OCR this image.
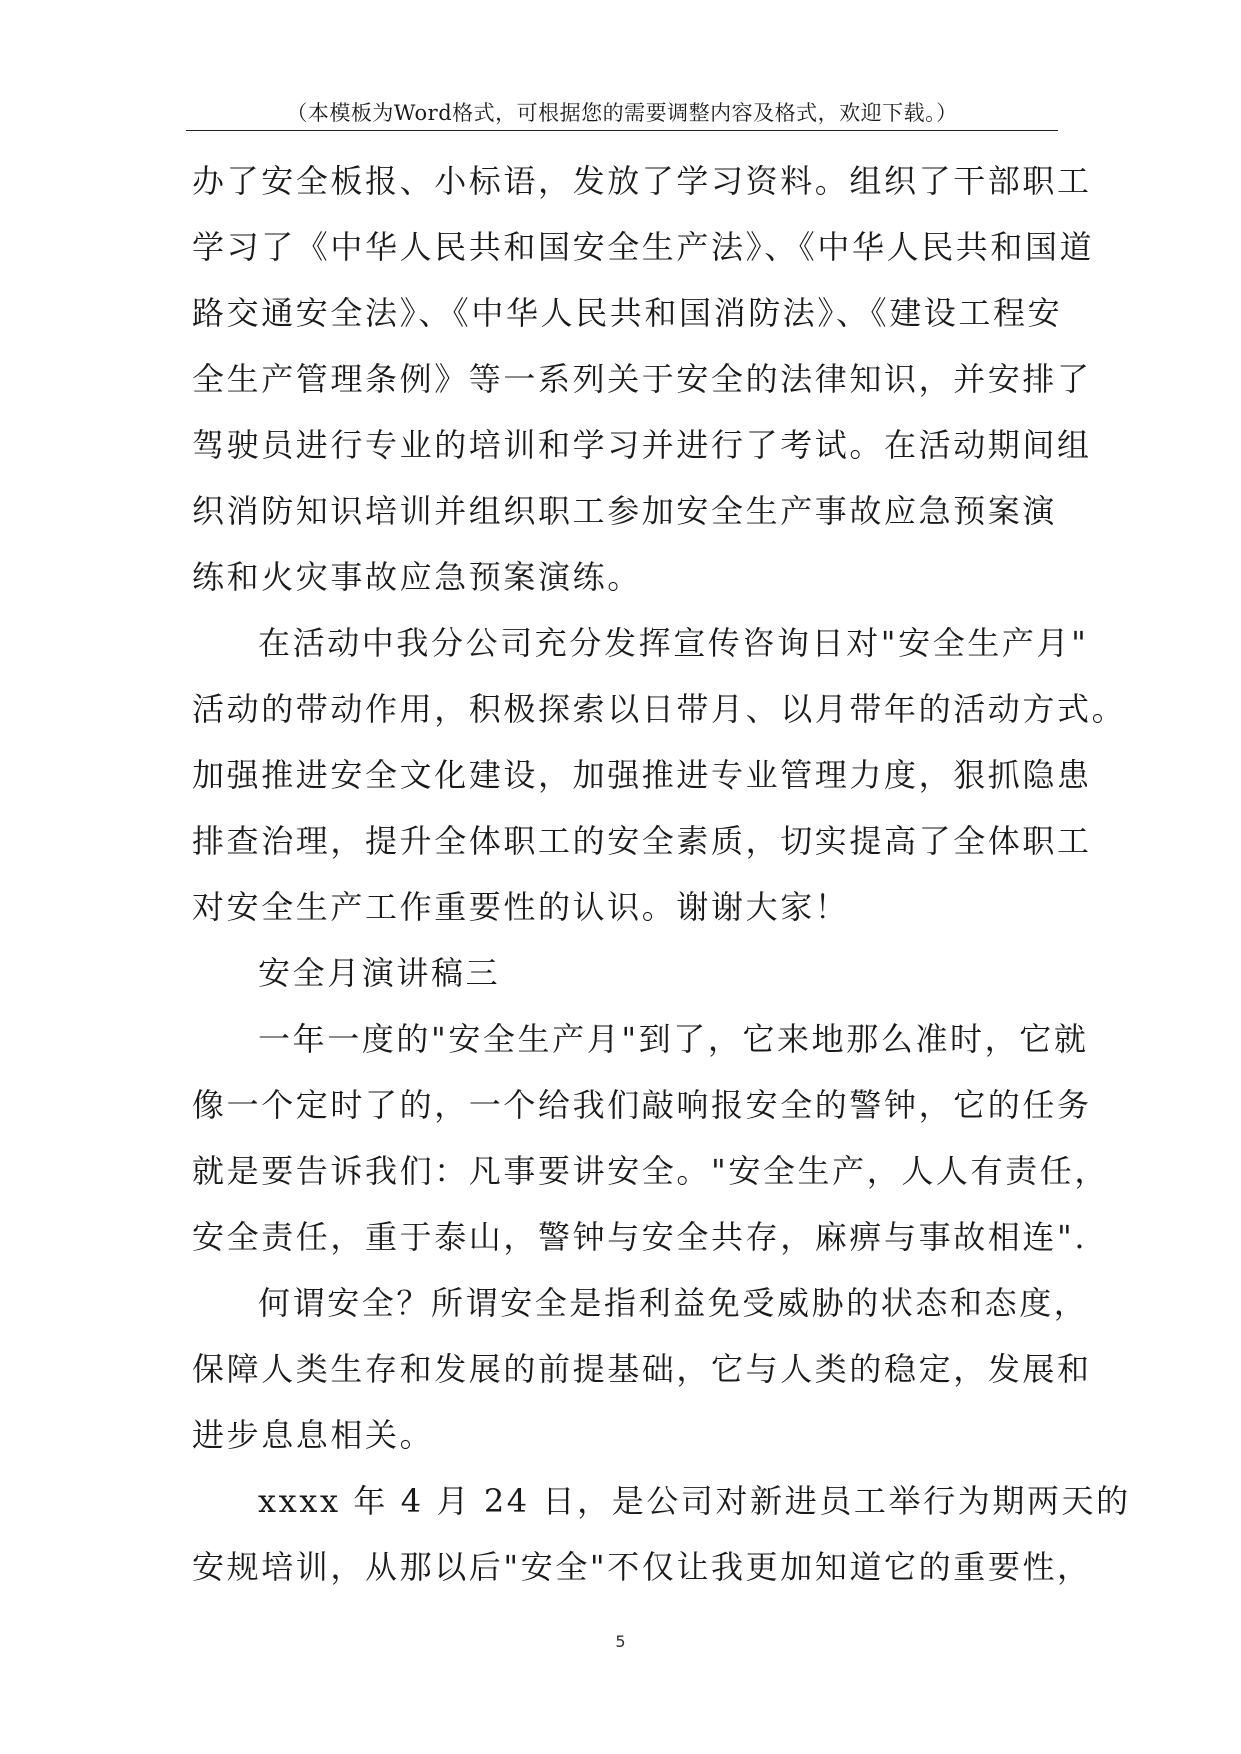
（本模板为Word格式，可根据您的需要调整内容及格式，欢迎下载。）
办了安全板报、小标语，发放了学习资料。组织了干部职工
学习了《中华人民共和国安全生产法》、《中华人民共和国道
路交通安全法》、《中华人民共和国消防法》、《建设工程安
全生产管理条例》等一系列关于安全的法律知识，并安排了
驾驶员进行专业的培训和学习并进行了考试。在活动期间组
织消防知识培训并组织职工参加安全生产事故应急预案演
练和火灾事故应急预案演练。
在活动中我分公司充分发挥宣传咨询日对"安全生产月"
活动的带动作用，积极探索以日带月、以月带年的活动方式。
加强推进安全文化建设，加强推进专业管理力度，狠抓隐患
排查治理，提升全体职工的安全素质，切实提高了全体职工
对安全生产工作重要性的认识。谢谢大家！
安全月演讲稿三
一年一度的"安全生产月"到了，它来地那么准时，它就
像一个定时了的，一个给我们敲响报安全的警钟，它的任务
就是要告诉我们：凡事要讲安全。"安全生产，人人有责任，
安全责任，重于泰山，警钟与安全共存，麻痹与事故相连".
何谓安全？所谓安全是指利益免受威胁的状态和态度，
保障人类生存和发展的前提基础，它与人类的稳定，发展和
进步息息相关。
xxxx 年 4 月 24 日，是公司对新进员工举行为期两天的
安规培训，从那以后"安全"不仅让我更加知道它的重要性，
5
